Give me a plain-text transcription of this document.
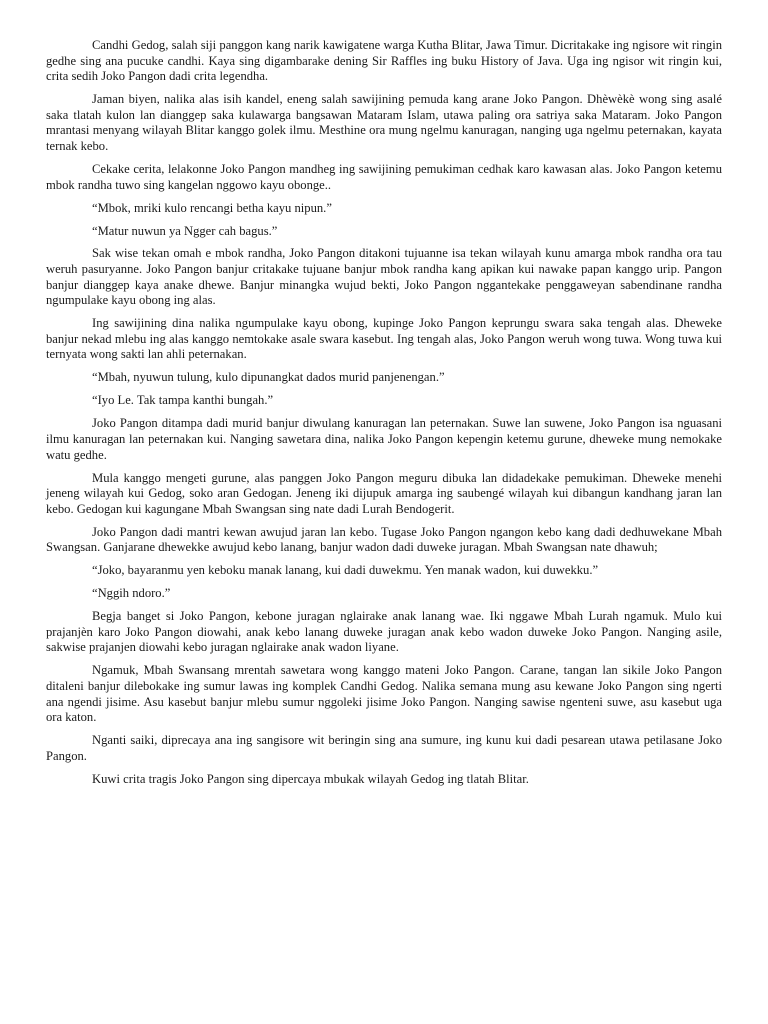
Candhi Gedog, salah siji panggon kang narik kawigatene warga Kutha Blitar, Jawa Timur. Dicritakake ing ngisore wit ringin gedhe sing ana pucuke candhi. Kaya sing digambarake dening Sir Raffles ing buku History of Java. Uga ing ngisor wit ringin kui, crita sedih Joko Pangon dadi crita legendha.

Jaman biyen, nalika alas isih kandel, eneng salah sawijining pemuda kang arane Joko Pangon. Dhèwèkè wong sing asalé saka tlatah kulon lan dianggep saka kulawarga bangsawan Mataram Islam, utawa paling ora satriya saka Mataram. Joko Pangon mrantasi menyang wilayah Blitar kanggo golek ilmu. Mesthine ora mung ngelmu kanuragan, nanging uga ngelmu peternakan, kayata ternak kebo.

Cekake cerita, lelakonne Joko Pangon mandheg ing sawijining pemukiman cedhak karo kawasan alas. Joko Pangon ketemu mbok randha tuwo sing kangelan nggowo kayu obonge..

“Mbok, mriki kulo rencangi betha kayu nipun.”

“Matur nuwun ya Ngger cah bagus.”

Sak wise tekan omah e mbok randha, Joko Pangon ditakoni tujuanne isa tekan wilayah kunu amarga mbok randha ora tau weruh pasuryanne. Joko Pangon banjur critakake tujuane banjur mbok randha kang apikan kui nawake papan kanggo urip. Pangon banjur dianggep kaya anake dhewe. Banjur minangka wujud bekti, Joko Pangon nggantekake penggaweyan sabendinane randha ngumpulake kayu obong ing alas.

Ing sawijining dina nalika ngumpulake kayu obong, kupinge Joko Pangon keprungu swara saka tengah alas. Dheweke banjur nekad mlebu ing alas kanggo nemtokake asale swara kasebut. Ing tengah alas, Joko Pangon weruh wong tuwa. Wong tuwa kui ternyata wong sakti lan ahli peternakan.

“Mbah, nyuwun tulung, kulo dipunangkat dados murid panjenengan.”

“Iyo Le. Tak tampa kanthi bungah.”

Joko Pangon ditampa dadi murid banjur diwulang kanuragan lan peternakan. Suwe lan suwene, Joko Pangon isa nguasani ilmu kanuragan lan peternakan kui. Nanging sawetara dina, nalika Joko Pangon kepengin ketemu gurune, dheweke mung nemokake watu gedhe.

Mula kanggo mengeti gurune, alas panggen Joko Pangon meguru dibuka lan didadekake pemukiman. Dheweke menehi jeneng wilayah kui Gedog, soko aran Gedogan. Jeneng iki dijupuk amarga ing saubengé wilayah kui dibangun kandhang jaran lan kebo. Gedogan kui kagungane Mbah Swangsan sing nate dadi Lurah Bendogerit.

Joko Pangon dadi mantri kewan awujud jaran lan kebo. Tugase Joko Pangon ngangon kebo kang dadi dedhuwekane Mbah Swangsan. Ganjarane dhewekke awujud kebo lanang, banjur wadon dadi duweke juragan. Mbah Swangsan nate dhawuh;

“Joko, bayaranmu yen keboku manak lanang, kui dadi duwekmu. Yen manak wadon, kui duwekku.”

“Nggih ndoro.”

Begja banget si Joko Pangon, kebone juragan nglairake anak lanang wae. Iki nggawe Mbah Lurah ngamuk. Mulo kui prajanjèn karo Joko Pangon diowahi, anak kebo lanang duweke juragan anak kebo wadon duweke Joko Pangon. Nanging asile, sakwise prajanjen diowahi kebo juragan nglairake anak wadon liyane.

Ngamuk, Mbah Swansang mrentah sawetara wong kanggo mateni Joko Pangon. Carane, tangan lan sikile Joko Pangon ditaleni banjur dilebokake ing sumur lawas ing komplek Candhi Gedog. Nalika semana mung asu kewane Joko Pangon sing ngerti ana ngendi jisime. Asu kasebut banjur mlebu sumur nggoleki jisime Joko Pangon. Nanging sawise ngenteni suwe, asu kasebut uga ora katon.

Nganti saiki, diprecaya ana ing sangisore wit beringin sing ana sumure, ing kunu kui dadi pesarean utawa petilasane Joko Pangon.

Kuwi crita tragis Joko Pangon sing dipercaya mbukak wilayah Gedog ing tlatah Blitar.
